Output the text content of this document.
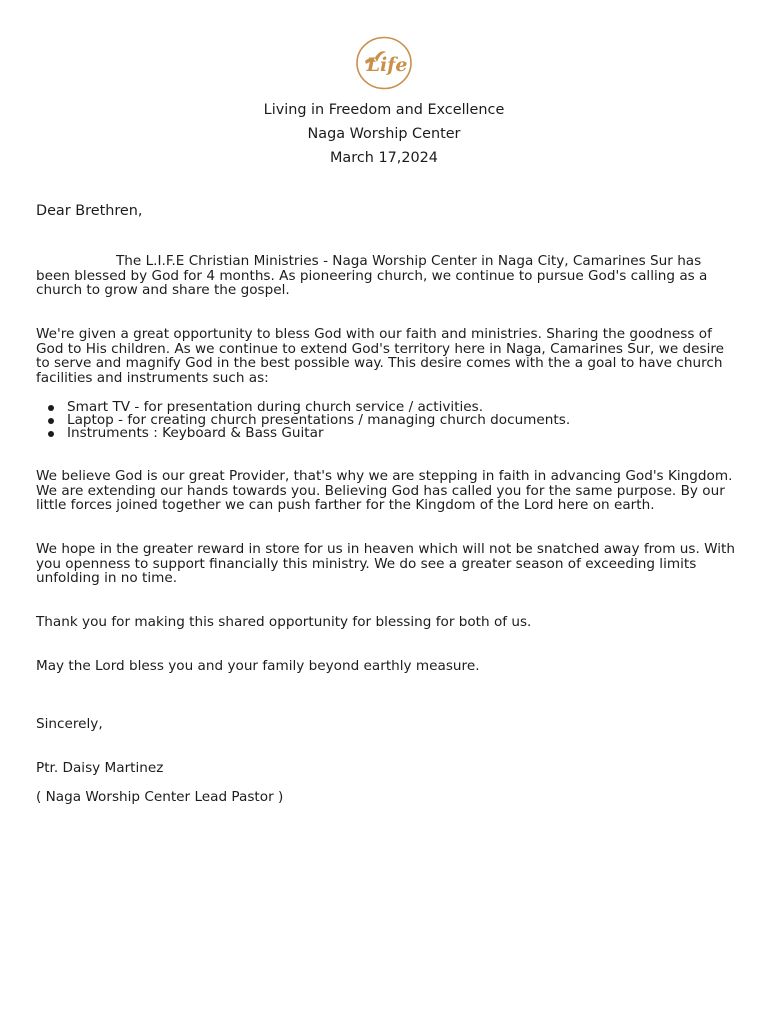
Life
Living in Freedom and Excellence
Naga Worship Center
March 17,2024
Dear Brethren,
The L.I.F.E Christian Ministries - Naga Worship Center in Naga City, Camarines Sur has been blessed by God for 4 months. As pioneering church, we continue to pursue God's calling as a church to grow and share the gospel.
We're given a great opportunity to bless God with our faith and ministries. Sharing the goodness of God to His children. As we continue to extend God's territory here in Naga, Camarines Sur, we desire to serve and magnify God in the best possible way. This desire comes with the a goal to have church facilities and instruments such as:
Smart TV - for presentation during church service / activities.
Laptop - for creating church presentations / managing church documents.
Instruments : Keyboard & Bass Guitar
We believe God is our great Provider, that's why we are stepping in faith in advancing God's Kingdom. We are extending our hands towards you. Believing God has called you for the same purpose. By our little forces joined together we can push farther for the Kingdom of the Lord here on earth.
We hope in the greater reward in store for us in heaven which will not be snatched away from us. With you openness to support financially this ministry. We do see a greater season of exceeding limits unfolding in no time.
Thank you for making this shared opportunity for blessing for both of us.
May the Lord bless you and your family beyond earthly measure.
Sincerely,
Ptr. Daisy Martinez
( Naga Worship Center Lead Pastor )
